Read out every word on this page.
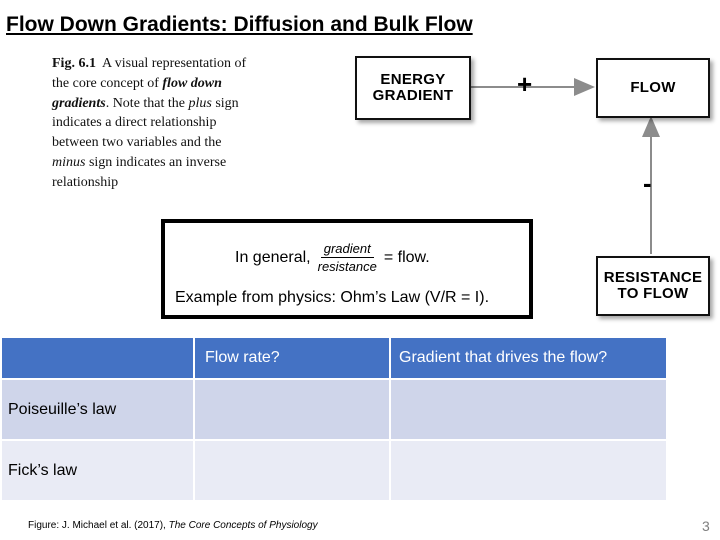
Flow Down Gradients: Diffusion and Bulk Flow
Fig. 6.1 A visual representation of the core concept of flow down gradients. Note that the plus sign indicates a direct relationship between two variables and the minus sign indicates an inverse relationship
ENERGY
GRADIENT	FLOW
RESISTANCE
TO FLOW
+
-
In general, $\frac{\text{gradient}}{\text{resistance}}$ = flow.
Example from physics: Ohm’s Law (V/R = I).
	Flow rate?	Gradient that drives the flow?
Poiseuille’s law		
Fick’s law		
Figure: J. Michael et al. (2017), The Core Concepts of Physiology	3
